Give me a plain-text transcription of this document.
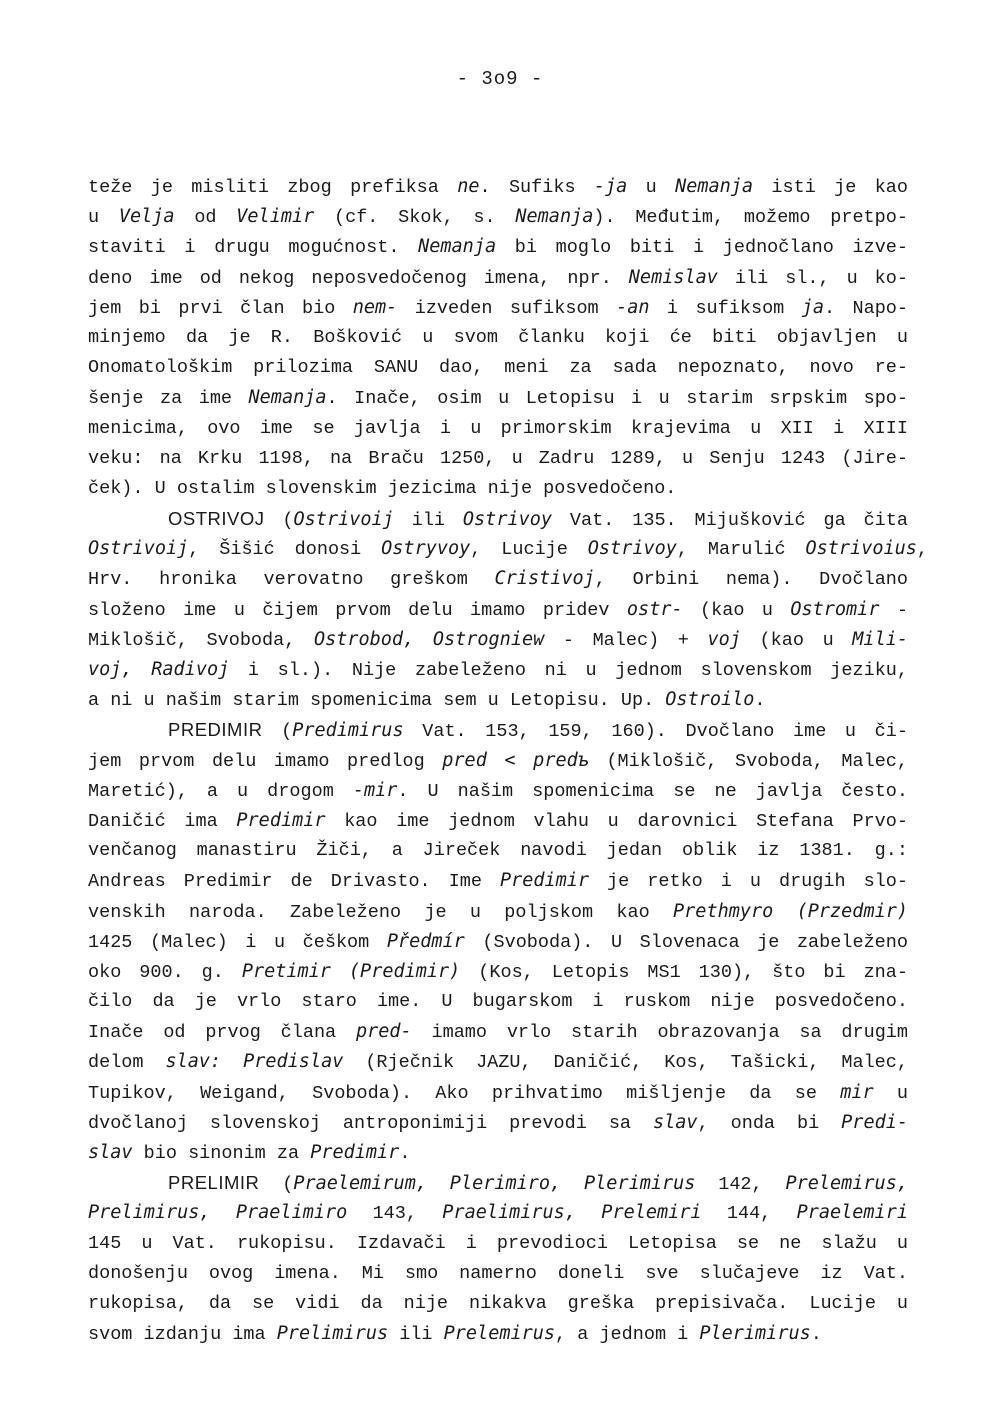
- 3o9 -
teže je misliti zbog prefiksa ne. Sufiks -ja u Nemanja isti je kao
u Velja od Velimir (cf. Skok, s. Nemanja). Međutim, možemo pretpo-
staviti i drugu mogućnost. Nemanja bi moglo biti i jednočlano izve-
deno ime od nekog neposvedočenog imena, npr. Nemislav ili sl., u ko-
jem bi prvi član bio nem- izveden sufiksom -an i sufiksom ja. Napo-
minjemo da je R. Bošković u svom članku koji će biti objavljen u
Onomatološkim prilozima SANU dao, meni za sada nepoznato, novo re-
šenje za ime Nemanja. Inače, osim u Letopisu i u starim srpskim spo-
menicima, ovo ime se javlja i u primorskim krajevima u XII i XIII
veku: na Krku 1198, na Braču 1250, u Zadru 1289, u Senju 1243 (Jire-
ček). U ostalim slovenskim jezicima nije posvedočeno.
OSTRIVOJ (Ostrivoij ili Ostrivoy Vat. 135. Mijušković ga čita
Ostrivoij, Šišić donosi Ostryvoy, Lucije Ostrivoy, Marulić Ostrivoius,
Hrv. hronika verovatno greškom Cristivoj, Orbini nema). Dvočlano
složeno ime u čijem prvom delu imamo pridev ostr- (kao u Ostromir -
Miklošič, Svoboda, Ostrobod, Ostrogniew - Malec) + voj (kao u Mili-
voj, Radivoj i sl.). Nije zabeleženo ni u jednom slovenskom jeziku,
a ni u našim starim spomenicima sem u Letopisu. Up. Ostroilo.
PREDIMIR (Predimirus Vat. 153, 159, 160). Dvočlano ime u či-
jem prvom delu imamo predlog pred < predъ (Miklošič, Svoboda, Malec,
Maretić), a u drogom -mir. U našim spomenicima se ne javlja često.
Daničić ima Predimir kao ime jednom vlahu u darovnici Stefana Prvo-
venčanog manastiru Žiči, a Jireček navodi jedan oblik iz 1381. g.:
Andreas Predimir de Drivasto. Ime Predimir je retko i u drugih slo-
venskih naroda. Zabeleženo je u poljskom kao Prethmyro (Przedmir)
1425 (Malec) i u češkom Předmír (Svoboda). U Slovenaca je zabeleženo
oko 900. g. Pretimir (Predimir) (Kos, Letopis MS1 130), što bi zna-
čilo da je vrlo staro ime. U bugarskom i ruskom nije posvedočeno.
Inače od prvog člana pred- imamo vrlo starih obrazovanja sa drugim
delom slav: Predislav (Rječnik JAZU, Daničić, Kos, Tašicki, Malec,
Tupikov, Weigand, Svoboda). Ako prihvatimo mišljenje da se mir u
dvočlanoj slovenskoj antroponimiji prevodi sa slav, onda bi Predi-
slav bio sinonim za Predimir.
PRELIMIR (Praelemirum, Plerimiro, Plerimirus 142, Prelemirus,
Prelimirus, Praelimiro 143, Praelimirus, Prelemiri 144, Praelemiri
145 u Vat. rukopisu. Izdavači i prevodioci Letopisa se ne slažu u
donošenju ovog imena. Mi smo namerno doneli sve slučajeve iz Vat.
rukopisa, da se vidi da nije nikakva greška prepisivača. Lucije u
svom izdanju ima Prelimirus ili Prelemirus, a jednom i Plerimirus.
